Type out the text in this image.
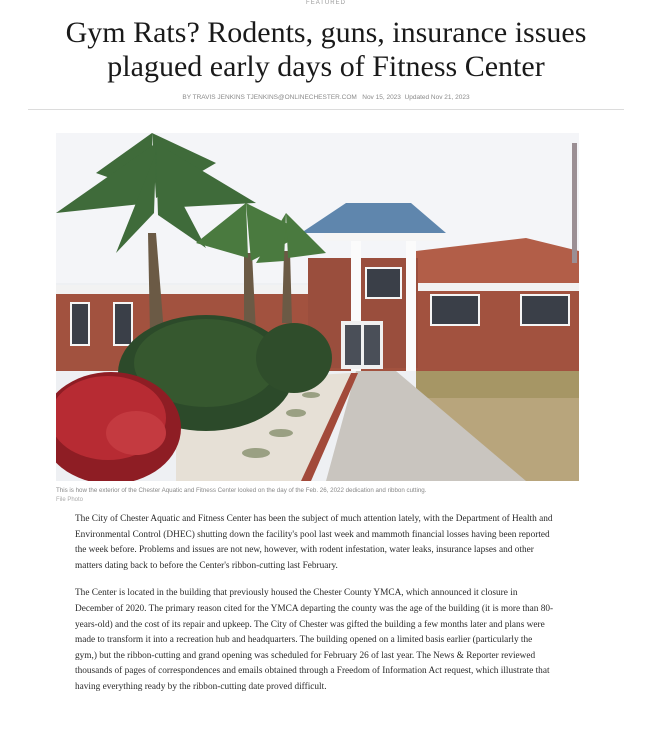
FEATURED
Gym Rats? Rodents, guns, insurance issues plagued early days of Fitness Center
BY TRAVIS JENKINS TJENKINS@ONLINECHESTER.COM Nov 15, 2023 Updated Nov 21, 2023
This is how the exterior of the Chester Aquatic and Fitness Center looked on the day of the Feb. 26, 2022 dedication and ribbon cutting.
File Photo

The City of Chester Aquatic and Fitness Center has been the subject of much attention lately, with the Department of Health and Environmental Control (DHEC) shutting down the facility's pool last week and mammoth financial losses having been reported the week before. Problems and issues are not new, however, with rodent infestation, water leaks, insurance lapses and other matters dating back to before the Center's ribbon-cutting last February.

The Center is located in the building that previously housed the Chester County YMCA, which announced it closure in December of 2020. The primary reason cited for the YMCA departing the county was the age of the building (it is more than 80-years-old) and the cost of its repair and upkeep. The City of Chester was gifted the building a few months later and plans were made to transform it into a recreation hub and headquarters. The building opened on a limited basis earlier (particularly the gym,) but the ribbon-cutting and grand opening was scheduled for February 26 of last year. The News & Reporter reviewed thousands of pages of correspondences and emails obtained through a Freedom of Information Act request, which illustrate that having everything ready by the ribbon-cutting date proved difficult.
